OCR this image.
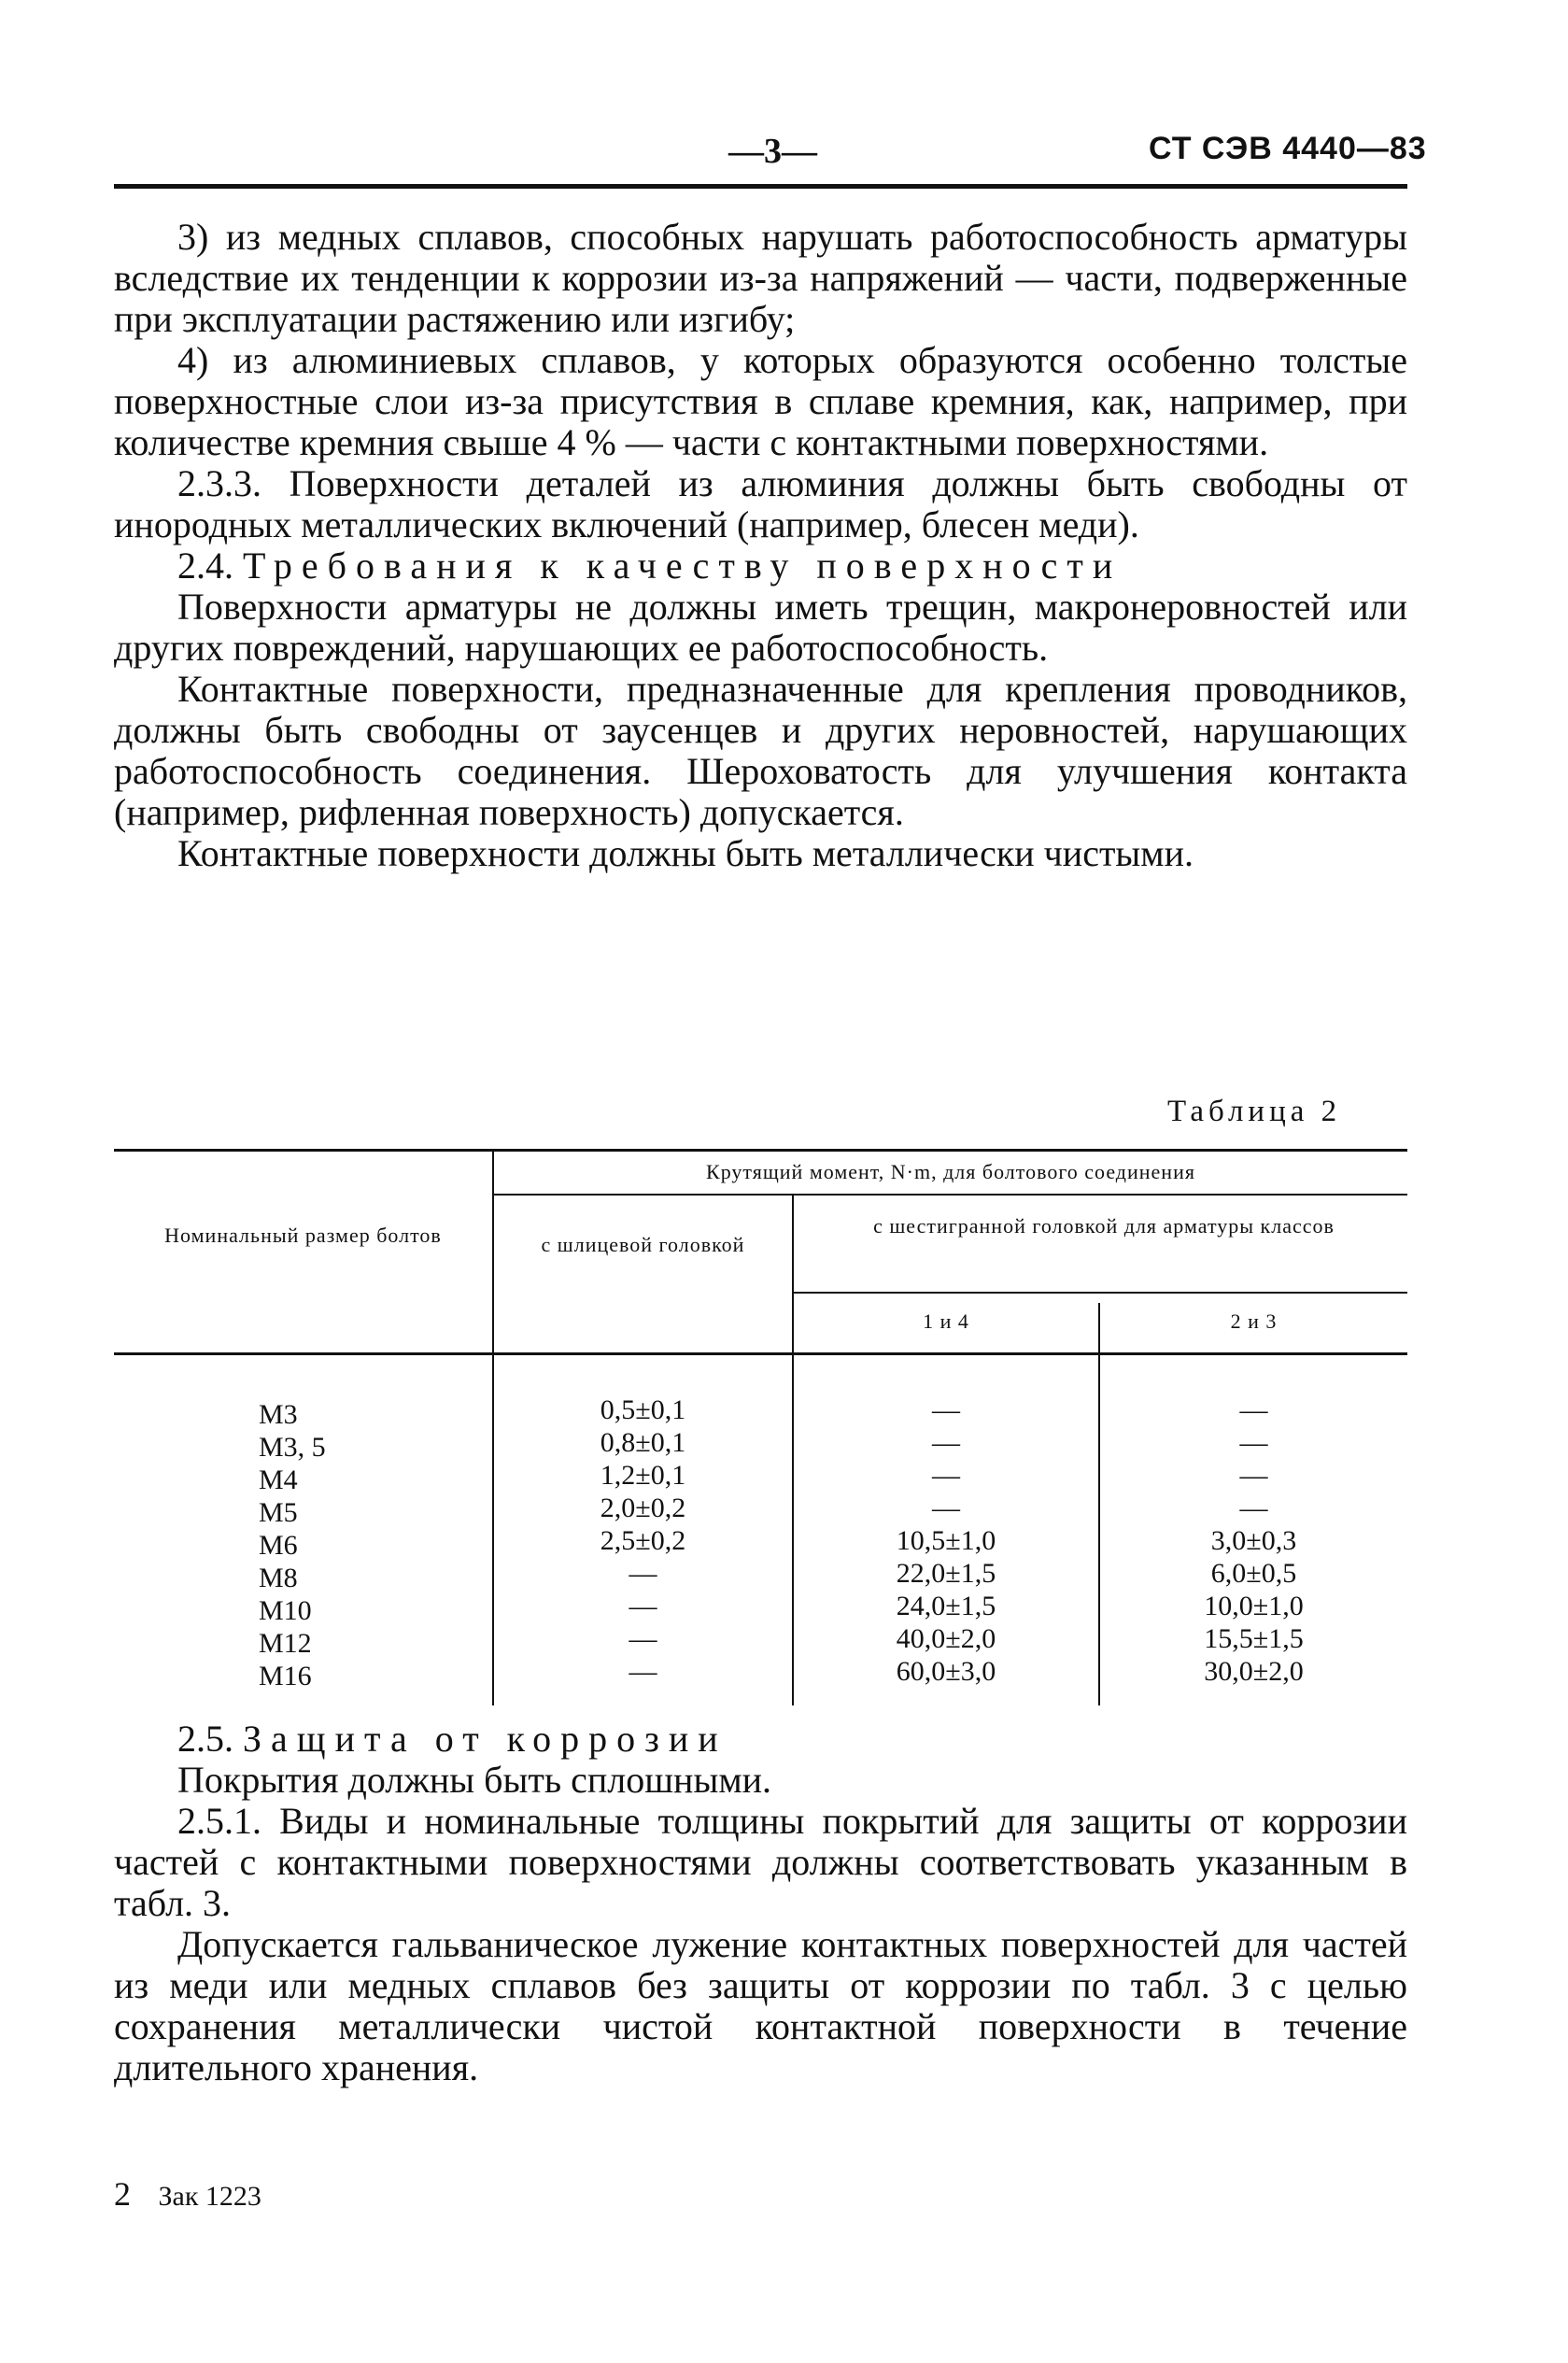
—3—	СТ СЭВ 4440—83

3) из медных сплавов, способных нарушать работоспособность арматуры вследствие их тенденции к коррозии из-за напряжений — части, подверженные при эксплуатации растяжению или изгибу;

4) из алюминиевых сплавов, у которых образуются особенно толстые поверхностные слои из-за присутствия в сплаве кремния, как, например, при количестве кремния свыше 4 % — части с контактными поверхностями.

2.3.3. Поверхности деталей из алюминия должны быть свободны от инородных металлических включений (например, блесен меди).

2.4. Требования к качеству поверхности

Поверхности арматуры не должны иметь трещин, макронеровностей или других повреждений, нарушающих ее работоспособность.

Контактные поверхности, предназначенные для крепления проводников, должны быть свободны от заусенцев и других неровностей, нарушающих работоспособность соединения. Шероховатость для улучшения контакта (например, рифленная поверхность) допускается.

Контактные поверхности должны быть металлически чистыми.

Таблица 2
Номинальный размер болтов
Крутящий момент, N·m, для болтового соединения
с шлицевой головкой
с шестигранной головкой для арматуры классов
1 и 4	2 и 3
М3
М3, 5
М4
М5
М6
М8
М10
М12
М16
0,5±0,1
0,8±0,1
1,2±0,1
2,0±0,2
2,5±0,2
—
—
—
—
—
—
—
—
10,5±1,0
22,0±1,5
24,0±1,5
40,0±2,0
60,0±3,0
—
—
—
—
3,0±0,3
6,0±0,5
10,0±1,0
15,5±1,5
30,0±2,0

2.5. Защита от коррозии

Покрытия должны быть сплошными.

2.5.1. Виды и номинальные толщины покрытий для защиты от коррозии частей с контактными поверхностями должны соответствовать указанным в табл. 3.

Допускается гальваническое лужение контактных поверхностей для частей из меди или медных сплавов без защиты от коррозии по табл. 3 с целью сохранения металлически чистой контактной поверхности в течение длительного хранения.

2 Зак 1223
